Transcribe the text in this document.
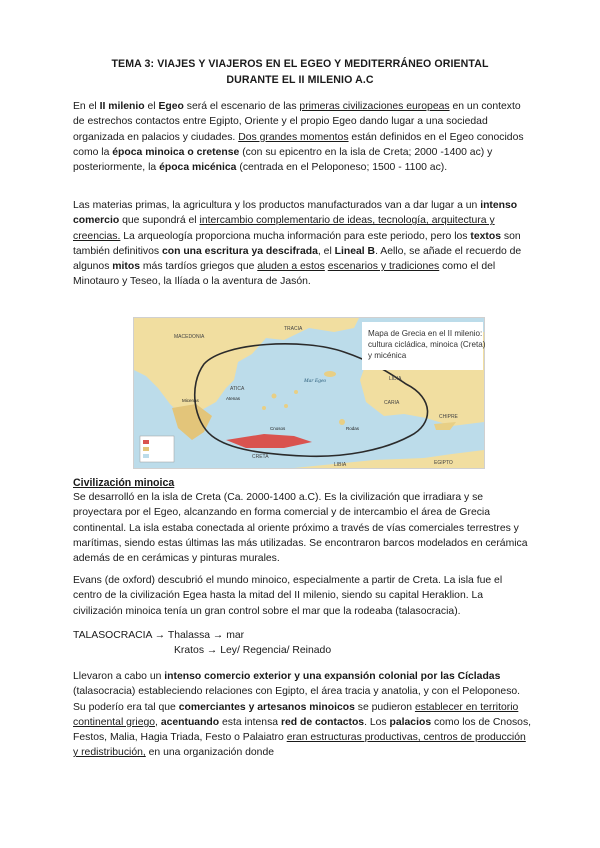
TEMA 3: VIAJES Y VIAJEROS EN EL EGEO Y MEDITERRÁNEO ORIENTAL
DURANTE EL II MILENIO A.C

En el II milenio el Egeo será el escenario de las primeras civilizaciones europeas en un contexto de estrechos contactos entre Egipto, Oriente y el propio Egeo dando lugar a una sociedad organizada en palacios y ciudades. Dos grandes momentos están definidos en el Egeo conocidos como la época minoica o cretense (con su epicentro en la isla de Creta; 2000 -1400 ac) y posteriormente, la época micénica (centrada en el Peloponeso; 1500 - 1100 ac).

Las materias primas, la agricultura y los productos manufacturados van a dar lugar a un intenso comercio que supondrá el intercambio complementario de ideas, tecnología, arquitectura y creencias. La arqueología proporciona mucha información para este periodo, pero los textos son también definitivos con una escritura ya descifrada, el Lineal B. Aello, se añade el recuerdo de algunos mitos más tardíos griegos que aluden a estos escenarios y tradiciones como el del Minotauro y Teseo, la Ilíada o la aventura de Jasón.

TRACIA
MACEDONIA
LIDIA
CARIA
ATICA
CRETA
CHIPRE
EGIPTO
LIBIA
Mar Egeo
Cnosos
Micenas	Atenas
Rodas
Mapa de Grecia en el II milenio: cultura cicládica, minoica (Creta) y micénica
Civilización minoica

Se desarrolló en la isla de Creta (Ca. 2000-1400 a.C). Es la civilización que irradiara y se proyectara por el Egeo, alcanzando en forma comercial y de intercambio el área de Grecia continental. La isla estaba conectada al oriente próximo a través de vías comerciales terrestres y marítimas, siendo estas últimas las más utilizadas. Se encontraron barcos modelados en cerámica además de en cerámicas y pinturas murales.

Evans (de oxford) descubrió el mundo minoico, especialmente a partir de Creta. La isla fue el centro de la civilización Egea hasta la mitad del II milenio, siendo su capital Heraklion. La civilización minoica tenía un gran control sobre el mar que la rodeaba (talasocracia).

TALASOCRACIA → Thalassa → mar
Kratos → Ley/ Regencia/ Reinado

Llevaron a cabo un intenso comercio exterior y una expansión colonial por las Cícladas (talasocracia) estableciendo relaciones con Egipto, el área tracia y anatolia, y con el Peloponeso. Su poderío era tal que comerciantes y artesanos minoicos se pudieron establecer en territorio continental griego, acentuando esta intensa red de contactos. Los palacios como los de Cnosos, Festos, Malia, Hagia Triada, Festo o Palaiatro eran estructuras productivas, centros de producción y redistribución, en una organización donde
